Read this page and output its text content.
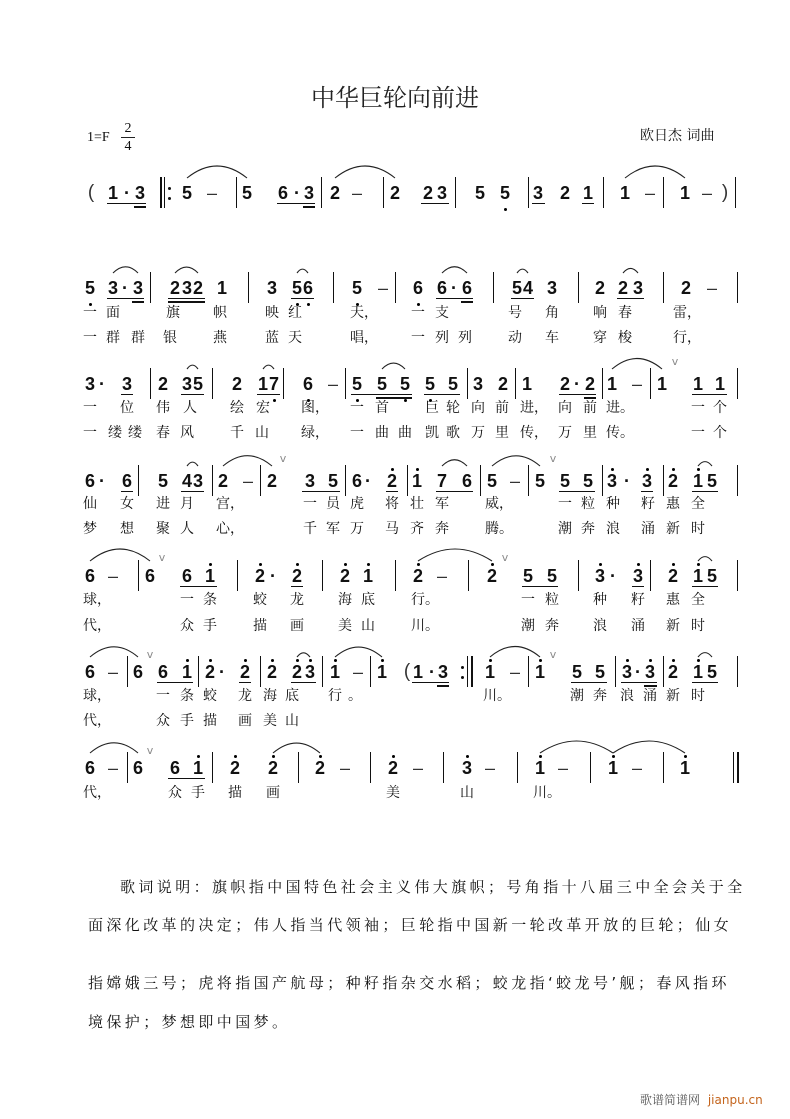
中华巨轮向前进
$1=F \frac{2}{4}$	欧日杰 词曲
( 1 · 3 5 – 5 6 · 3 2 – 2 2 3 5 5 3 2 1 1 – 1 – )
5 3 · 3 2 3 2 1 3 5 6 5 – 6 6 · 6 5 4 3 2 2 3 2 –
一 面	旗 帜	映 红	天， 一 支	号 角 响 春	雷，
一 群 群 银	燕	蓝 天	唱， 一 列 列	动 车 穿 梭	行，
3 · 3 2 3 5 2 1 7 6 – 5 5 5 5 5 3 2 1 2 · 2 1 – 1 1 1
v
一 位 伟 人 绘 宏 图， 一 首	巨 轮 向 前 进， 向 前 进。	一 个
一 缕 缕 春 风	千 山 绿， 一 曲 曲 凯 歌 万 里 传， 万 里 传。	一 个
6 · 6 5 4 3 2 – 2 3 5 6 · 2 1 7 6 5 – 5 5 5 3 · 3 2 1 5
v	v
仙 女 进 月 宫，	一 员 虎 将 壮 军	威，	一 粒 种 籽 惠 全
梦 想 聚 人 心，	千 军 万 马 齐 奔	腾。	潮 奔 浪 涌 新 时
6 – 6 6 1 2 · 2 2 1 2 – 2 5 5 3 · 3 2 1 5
v	v
球，	一 条	蛟 龙 海 底	行。	一 粒 种 籽 惠 全
代，	众 手	描 画 美 山	川。	潮 奔 浪 涌 新 时
6 – 6 6 1 2 · 2 2 2 3 1 – 1 ( 1 · 3 1 – 1 5 5 3 · 3 2 1 5
v	v
球，	一 条 蛟 龙 海 底 行 。	川。	潮 奔 浪 涌 新 时
代，	众 手 描 画 美 山
6 – 6 6 1 2 2 2 – 2 – 3 – 1 – 1 – 1
v
代，	众 手 描 画	美	山	川。
歌词说明：旗帜指中国特色社会主义伟大旗帜；号角指十八届三中全会关于全
面深化改革的决定；伟人指当代领袖；巨轮指中国新一轮改革开放的巨轮；仙女
指嫦娥三号；虎将指国产航母；种籽指杂交水稻；蛟龙指‘蛟龙号’舰；春风指环
境保护；梦想即中国梦。
歌谱简谱网 jianpu.cn
